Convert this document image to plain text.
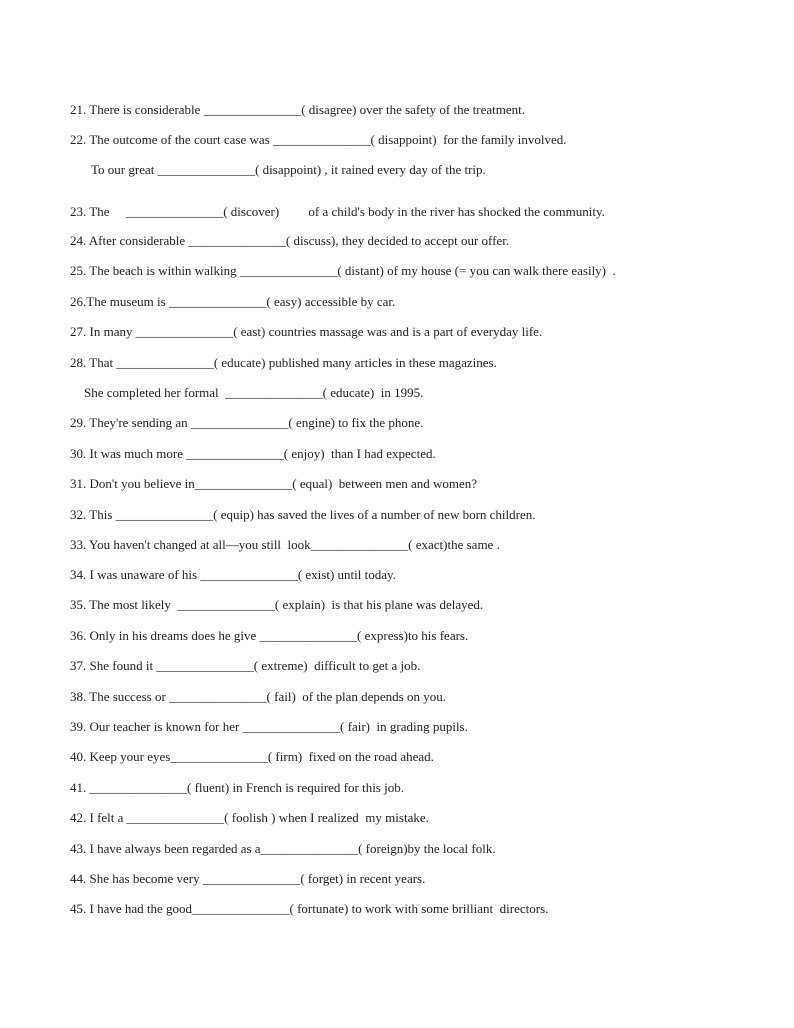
21. There is considerable _______________( disagree) over the safety of the treatment.
22. The outcome of the court case was _______________( disappoint)  for the family involved.
To our great _______________( disappoint) , it rained every day of the trip.
23. The     _______________( discover)         of a child's body in the river has shocked the community.
24. After considerable _______________( discuss), they decided to accept our offer.
25. The beach is within walking _______________( distant) of my house (= you can walk there easily)  .
26.The museum is _______________( easy) accessible by car.
27. In many _______________( east) countries massage was and is a part of everyday life.
28. That _______________( educate) published many articles in these magazines.
She completed her formal  _______________( educate)  in 1995.
29. They're sending an _______________( engine) to fix the phone.
30. It was much more _______________( enjoy)  than I had expected.
31. Don't you believe in_______________( equal)  between men and women?
32. This _______________( equip) has saved the lives of a number of new born children.
33. You haven't changed at all—you still  look_______________( exact)the same .
34. I was unaware of his _______________( exist) until today.
35. The most likely  _______________( explain)  is that his plane was delayed.
36. Only in his dreams does he give _______________( express)to his fears.
37. She found it _______________( extreme)  difficult to get a job.
38. The success or _______________( fail)  of the plan depends on you.
39. Our teacher is known for her _______________( fair)  in grading pupils.
40. Keep your eyes_______________( firm)  fixed on the road ahead.
41. _______________( fluent) in French is required for this job.
42. I felt a _______________( foolish ) when I realized  my mistake.
43. I have always been regarded as a_______________( foreign)by the local folk.
44. She has become very _______________( forget) in recent years.
45. I have had the good_______________( fortunate) to work with some brilliant  directors.
